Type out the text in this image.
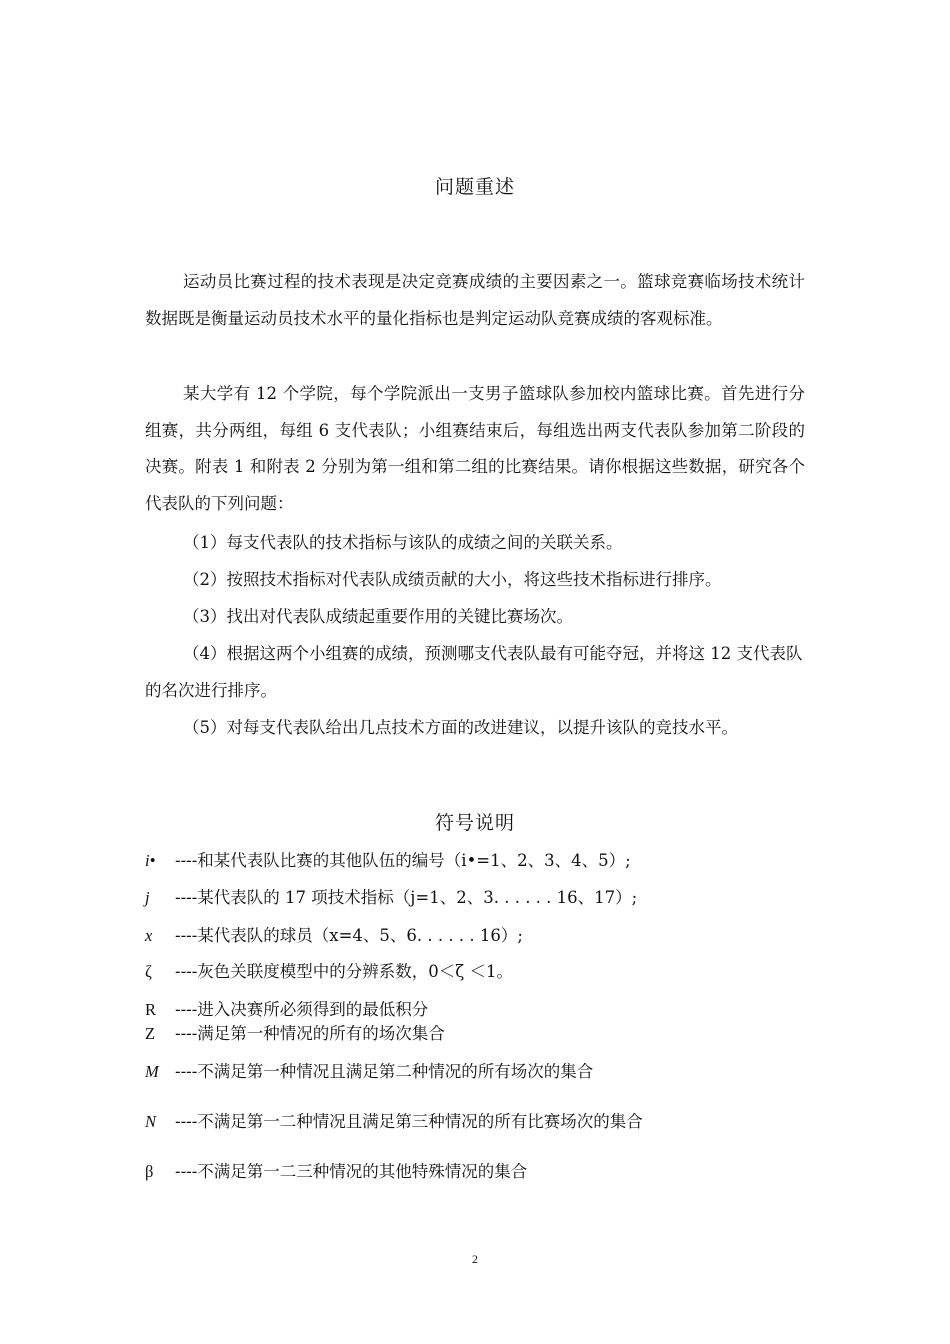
问题重述

运动员比赛过程的技术表现是决定竞赛成绩的主要因素之一。篮球竞赛临场技术统计数据既是衡量运动员技术水平的量化指标也是判定运动队竞赛成绩的客观标准。

某大学有 12 个学院，每个学院派出一支男子篮球队参加校内篮球比赛。首先进行分组赛，共分两组，每组 6 支代表队；小组赛结束后，每组选出两支代表队参加第二阶段的决赛。附表 1 和附表 2 分别为第一组和第二组的比赛结果。请你根据这些数据，研究各个代表队的下列问题：

（1）每支代表队的技术指标与该队的成绩之间的关联关系。

（2）按照技术指标对代表队成绩贡献的大小，将这些技术指标进行排序。

（3）找出对代表队成绩起重要作用的关键比赛场次。

（4）根据这两个小组赛的成绩，预测哪支代表队最有可能夺冠，并将这 12 支代表队的名次进行排序。

（5）对每支代表队给出几点技术方面的改进建议，以提升该队的竞技水平。

符号说明
i• ----和某代表队比赛的其他队伍的编号（i•=1、2、3、4、5）;
j ----某代表队的 17 项技术指标（j=1、2、3. . . . . . 16、17）;
x ----某代表队的球员（x=4、5、6. . . . . . 16）;
ζ ----灰色关联度模型中的分辨系数，0＜ζ ＜1。
R ----进入决赛所必须得到的最低积分
Z ----满足第一种情况的所有的场次集合
M ----不满足第一种情况且满足第二种情况的所有场次的集合
N ----不满足第一二种情况且满足第三种情况的所有比赛场次的集合
β ----不满足第一二三种情况的其他特殊情况的集合
2
